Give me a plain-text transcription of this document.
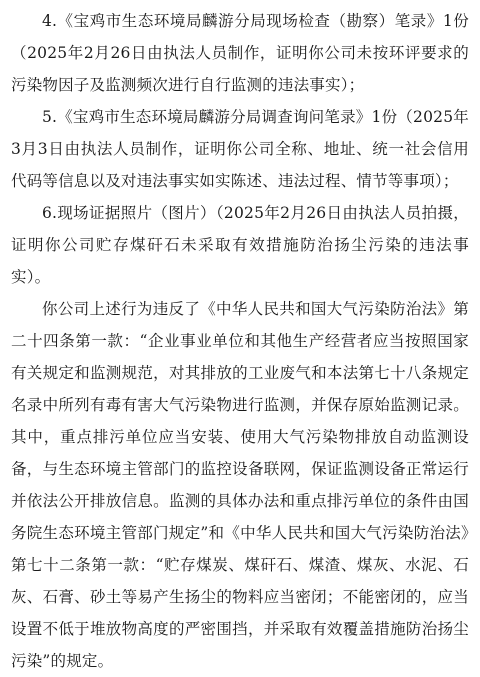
4.《宝鸡市生态环境局麟游分局现场检查（勘察）笔录》1份（2025年2月26日由执法人员制作，证明你公司未按环评要求的污染物因子及监测频次进行自行监测的违法事实）；

5.《宝鸡市生态环境局麟游分局调查询问笔录》1份（2025年3月3日由执法人员制作，证明你公司全称、地址、统一社会信用代码等信息以及对违法事实如实陈述、违法过程、情节等事项）；

6.现场证据照片（图片）（2025年2月26日由执法人员拍摄，证明你公司贮存煤矸石未采取有效措施防治扬尘污染的违法事实）。

你公司上述行为违反了《中华人民共和国大气污染防治法》第二十四条第一款：“企业事业单位和其他生产经营者应当按照国家有关规定和监测规范，对其排放的工业废气和本法第七十八条规定名录中所列有毒有害大气污染物进行监测，并保存原始监测记录。其中，重点排污单位应当安装、使用大气污染物排放自动监测设备，与生态环境主管部门的监控设备联网，保证监测设备正常运行并依法公开排放信息。监测的具体办法和重点排污单位的条件由国务院生态环境主管部门规定”和《中华人民共和国大气污染防治法》第七十二条第一款：“贮存煤炭、煤矸石、煤渣、煤灰、水泥、石灰、石膏、砂土等易产生扬尘的物料应当密闭；不能密闭的，应当设置不低于堆放物高度的严密围挡，并采取有效覆盖措施防治扬尘污染”的规定。
